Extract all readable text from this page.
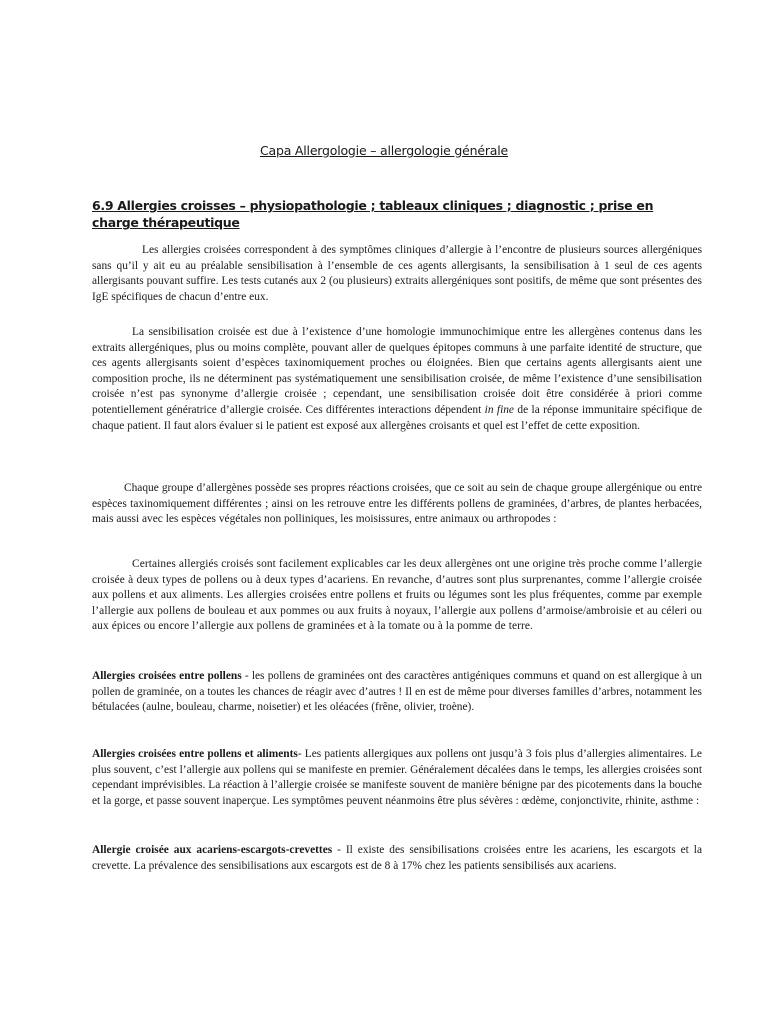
Capa Allergologie – allergologie générale
6.9 Allergies croisses – physiopathologie ; tableaux cliniques ; diagnostic ; prise en charge thérapeutique

Les allergies croisées correspondent à des symptômes cliniques d’allergie à l’encontre de plusieurs sources allergéniques sans qu’il y ait eu au préalable sensibilisation à l’ensemble de ces agents allergisants, la sensibilisation à 1 seul de ces agents allergisants pouvant suffire. Les tests cutanés aux 2 (ou plusieurs) extraits allergéniques sont positifs, de même que sont présentes des IgE spécifiques de chacun d’entre eux.

La sensibilisation croisée est due à l’existence d’une homologie immunochimique entre les allergènes contenus dans les extraits allergéniques, plus ou moins complète, pouvant aller de quelques épitopes communs à une parfaite identité de structure, que ces agents allergisants soient d’espèces taxinomiquement proches ou éloignées. Bien que certains agents allergisants aient une composition proche, ils ne déterminent pas systématiquement une sensibilisation croisée, de même l’existence d’une sensibilisation croisée n’est pas synonyme d’allergie croisée ; cependant, une sensibilisation croisée doit être considérée à priori comme potentiellement génératrice d’allergie croisée. Ces différentes interactions dépendent in fine de la réponse immunitaire spécifique de chaque patient. Il faut alors évaluer si le patient est exposé aux allergènes croisants et quel est l’effet de cette exposition.

Chaque groupe d’allergènes possède ses propres réactions croisées, que ce soit au sein de chaque groupe allergénique ou entre espèces taxinomiquement différentes ; ainsi on les retrouve entre les différents pollens de graminées, d’arbres, de plantes herbacées, mais aussi avec les espèces végétales non polliniques, les moisissures, entre animaux ou arthropodes :

Certaines allergiés croisés sont facilement explicables car les deux allergènes ont une origine très proche comme l’allergie croisée à deux types de pollens ou à deux types d’acariens. En revanche, d’autres sont plus surprenantes, comme l’allergie croisée aux pollens et aux aliments. Les allergies croisées entre pollens et fruits ou légumes sont les plus fréquentes, comme par exemple l’allergie aux pollens de bouleau et aux pommes ou aux fruits à noyaux, l’allergie aux pollens d’armoise/ambroisie et au céleri ou aux épices ou encore l’allergie aux pollens de graminées et à la tomate ou à la pomme de terre.

Allergies croisées entre pollens - les pollens de graminées ont des caractères antigéniques communs et quand on est allergique à un pollen de graminée, on a toutes les chances de réagir avec d’autres ! Il en est de même pour diverses familles d’arbres, notamment les bétulacées (aulne, bouleau, charme, noisetier) et les oléacées (frêne, olivier, troène).

Allergies croisées entre pollens et aliments- Les patients allergiques aux pollens ont jusqu’à 3 fois plus d’allergies alimentaires. Le plus souvent, c’est l’allergie aux pollens qui se manifeste en premier. Généralement décalées dans le temps, les allergies croisées sont cependant imprévisibles. La réaction à l’allergie croisée se manifeste souvent de manière bénigne par des picotements dans la bouche et la gorge, et passe souvent inaperçue. Les symptômes peuvent néanmoins être plus sévères : œdème, conjonctivite, rhinite, asthme :

Allergie croisée aux acariens-escargots-crevettes - Il existe des sensibilisations croisées entre les acariens, les escargots et la crevette. La prévalence des sensibilisations aux escargots est de 8 à 17% chez les patients sensibilisés aux acariens.
